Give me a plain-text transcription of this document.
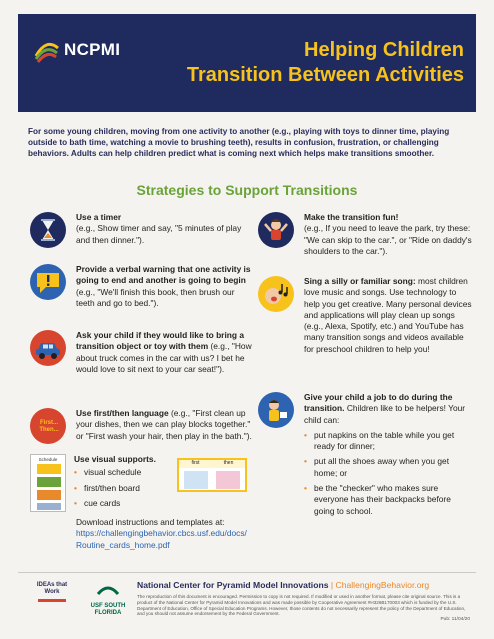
NCPMI	Helping Children
Transition Between Activities
For some young children, moving from one activity to another (e.g., playing with toys to dinner time, playing outside to bath time, watching a movie to brushing teeth), results in confusion, frustration, or challenging behaviors. Adults can help children predict what is coming next which helps make transitions smoother.
Strategies to Support Transitions
Use a timer
(e.g., Show timer and say, "5 minutes of play and then dinner.").
Provide a verbal warning that one activity is going to end and another is going to begin (e.g., "We'll finish this book, then brush our teeth and go to bed.").
Ask your child if they would like to bring a transition object or toy with them (e.g., "How about truck comes in the car with us? I bet he would love to sit next to your car seat!").
First... Then...
Use first/then language (e.g., "First clean up your dishes, then we can play blocks together." or "First wash your hair, then play in the bath.").
Schedule	Use visual supports.
• visual schedule
• first/then board
• cue cards
first	then
Download instructions and templates at:
https://challengingbehavior.cbcs.usf.edu/docs/Routine_cards_home.pdf
Make the transition fun!
(e.g., If you need to leave the park, try these: "We can skip to the car.", or "Ride on daddy's shoulders to the car.").
Sing a silly or familiar song: most children love music and songs. Use technology to help you get creative. Many personal devices and applications will play clean up songs (e.g., Alexa, Spotify, etc.) and YouTube has many transition songs and videos available for preschool children to help you!
Give your child a job to do during the transition. Children like to be helpers! Your child can:
• put napkins on the table while you get ready for dinner;
• put all the shoes away when you get home; or
• be the "checker" who makes sure everyone has their backpacks before going to school.
IDEAs that Work
USF SOUTH FLORIDA
National Center for Pyramid Model Innovations | ChallengingBehavior.org
The reproduction of this document is encouraged. Permission to copy is not required. If modified or used in another format, please cite original source. This is a product of the National Center for Pyramid Model Innovations and was made possible by Cooperative Agreement #H326B170003 which is funded by the U.S. Department of Education, Office of Special Education Programs. However, those contents do not necessarily represent the policy of the Department of Education, and you should not assume endorsement by the Federal Government.
Pub: 11/04/20
